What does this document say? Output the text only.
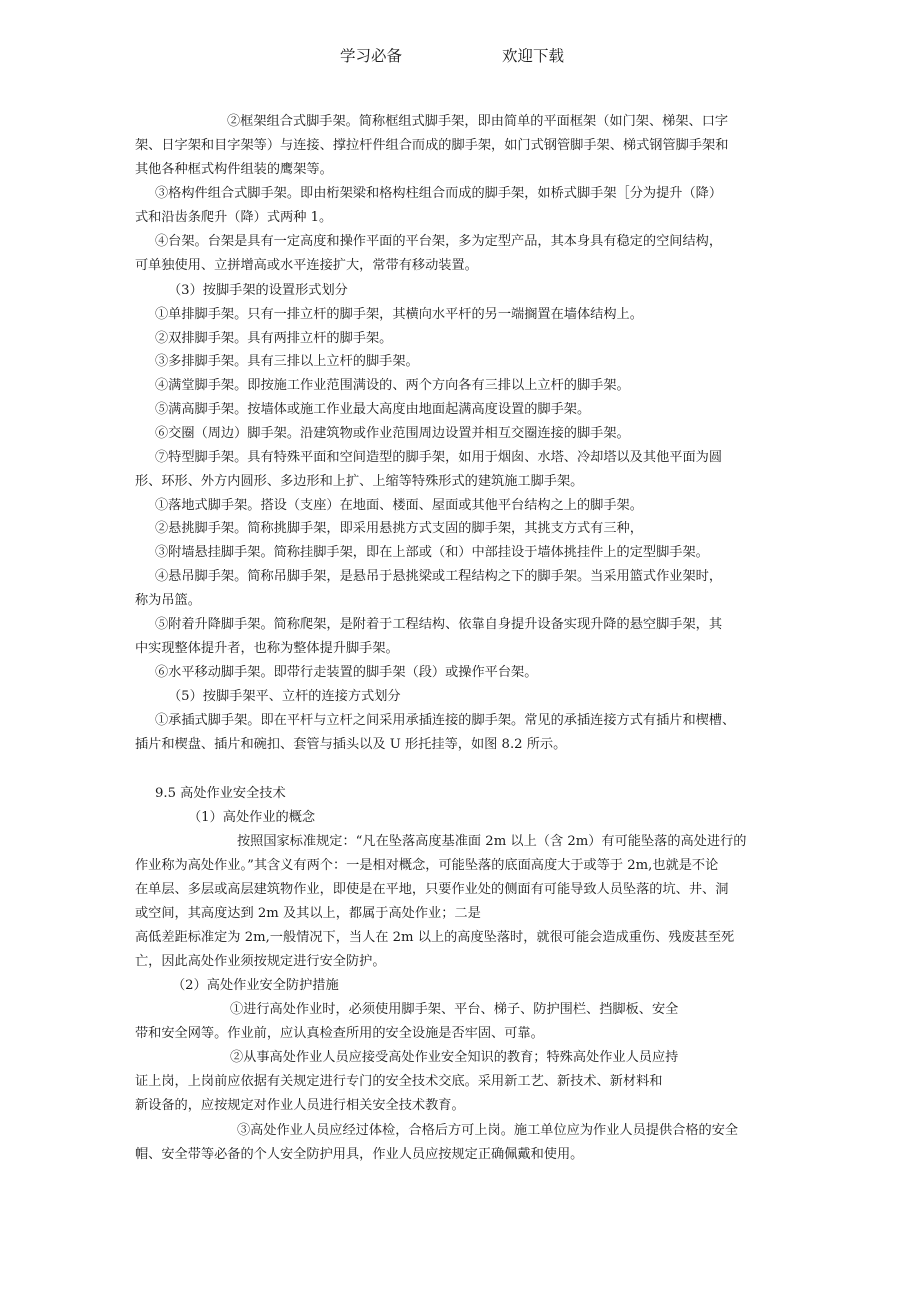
学习必备	欢迎下载
②框架组合式脚手架。简称框组式脚手架，即由简单的平面框架（如门架、梯架、口字
架、日字架和目字架等）与连接、撑拉杆件组合而成的脚手架，如门式钢管脚手架、梯式钢管脚手架和
其他各种框式构件组装的鹰架等。
③格构件组合式脚手架。即由桁架梁和格构柱组合而成的脚手架，如桥式脚手架［分为提升（降）
式和沿齿条爬升（降）式两种 1。
④台架。台架是具有一定高度和操作平面的平台架，多为定型产品，其本身具有稳定的空间结构，
可单独使用、立拼增高或水平连接扩大，常带有移动装置。
（3）按脚手架的设置形式划分
①单排脚手架。只有一排立杆的脚手架，其横向水平杆的另一端搁置在墙体结构上。
②双排脚手架。具有两排立杆的脚手架。
③多排脚手架。具有三排以上立杆的脚手架。
④满堂脚手架。即按施工作业范围满设的、两个方向各有三排以上立杆的脚手架。
⑤满高脚手架。按墙体或施工作业最大高度由地面起满高度设置的脚手架。
⑥交圈（周边）脚手架。沿建筑物或作业范围周边设置并相互交圈连接的脚手架。
⑦特型脚手架。具有特殊平面和空间造型的脚手架，如用于烟囱、水塔、冷却塔以及其他平面为圆
形、环形、外方内圆形、多边形和上扩、上缩等特殊形式的建筑施工脚手架。
①落地式脚手架。搭设（支座）在地面、楼面、屋面或其他平台结构之上的脚手架。
②悬挑脚手架。简称挑脚手架，即采用悬挑方式支固的脚手架，其挑支方式有三种，
③附墙悬挂脚手架。简称挂脚手架，即在上部或（和）中部挂设于墙体挑挂件上的定型脚手架。
④悬吊脚手架。简称吊脚手架，是悬吊于悬挑梁或工程结构之下的脚手架。当采用篮式作业架时，
称为吊篮。
⑤附着升降脚手架。简称爬架，是附着于工程结构、依靠自身提升设备实现升降的悬空脚手架，其
中实现整体提升者，也称为整体提升脚手架。
⑥水平移动脚手架。即带行走装置的脚手架（段）或操作平台架。
（5）按脚手架平、立杆的连接方式划分
①承插式脚手架。即在平杆与立杆之间采用承插连接的脚手架。常见的承插连接方式有插片和楔槽、
插片和楔盘、插片和碗扣、套管与插头以及 U 形托挂等，如图 8.2 所示。
9.5 高处作业安全技术
（1）高处作业的概念
按照国家标准规定：“凡在坠落高度基准面 2m 以上（含 2m）有可能坠落的高处进行的
作业称为高处作业。”其含义有两个：一是相对概念，可能坠落的底面高度大于或等于 2m,也就是不论
在单层、多层或高层建筑物作业，即使是在平地，只要作业处的侧面有可能导致人员坠落的坑、井、洞
或空间，其高度达到 2m 及其以上，都属于高处作业；二是
高低差距标准定为 2m,一般情况下，当人在 2m 以上的高度坠落时，就很可能会造成重伤、残废甚至死
亡，因此高处作业须按规定进行安全防护。
（2）高处作业安全防护措施
①进行高处作业时，必须使用脚手架、平台、梯子、防护围栏、挡脚板、安全
带和安全网等。作业前，应认真检查所用的安全设施是否牢固、可靠。
②从事高处作业人员应接受高处作业安全知识的教育；特殊高处作业人员应持
证上岗，上岗前应依据有关规定进行专门的安全技术交底。采用新工艺、新技术、新材料和
新设备的，应按规定对作业人员进行相关安全技术教育。
③高处作业人员应经过体检，合格后方可上岗。施工单位应为作业人员提供合格的安全
帽、安全带等必备的个人安全防护用具，作业人员应按规定正确佩戴和使用。
